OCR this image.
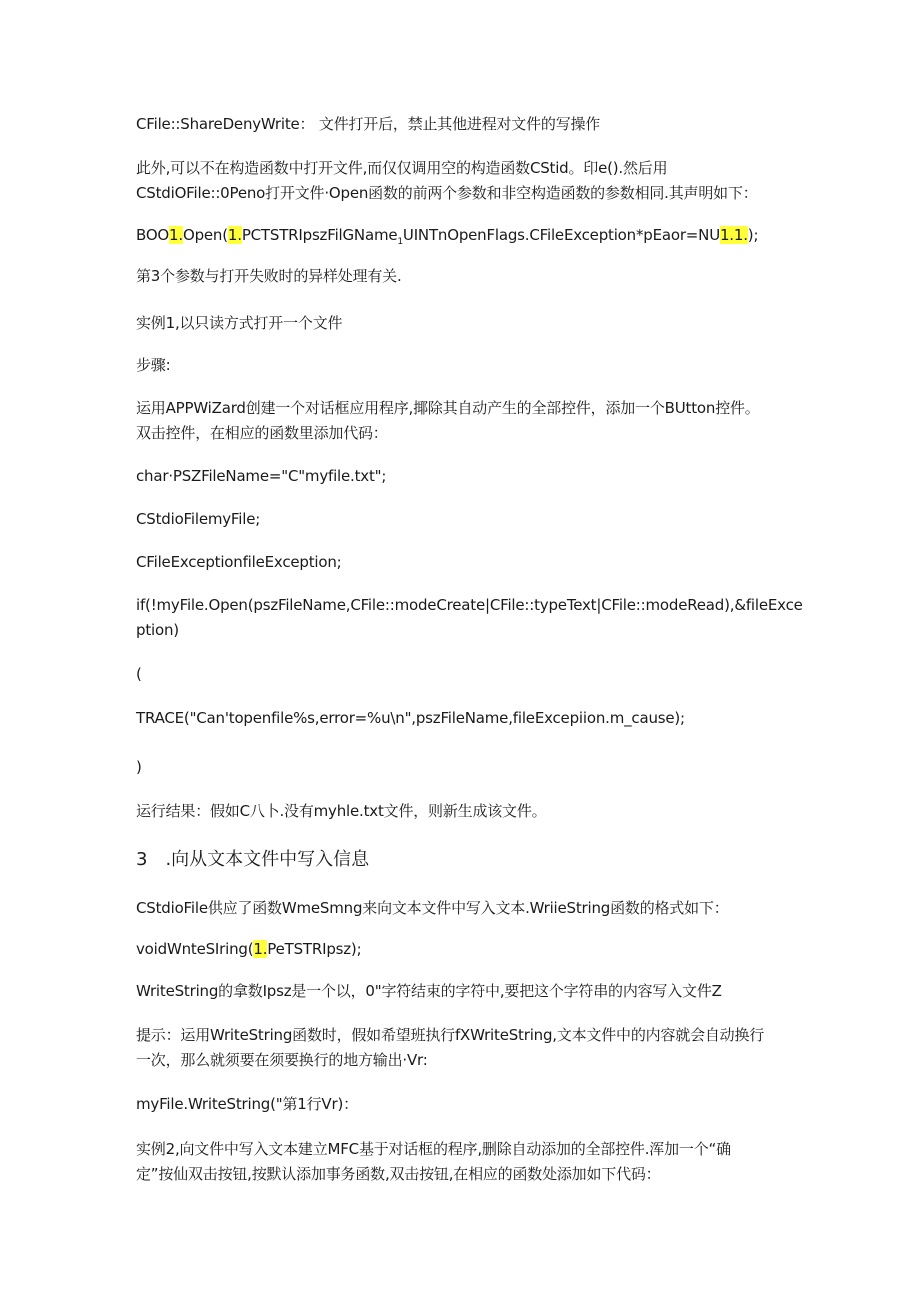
CFile::ShareDenyWrite： 文件打开后，禁止其他进程对文件的写操作
此外,可以不在构造函数中打开文件,而仅仅调用空的构造函数CStid。印e().然后用
CStdiOFile::0Peno打开文件·Open函数的前两个参数和非空构造函数的参数相同.其声明如下：
BOO1.Open(1.PCTSTRIpszFilGName$_1$UINTnOpenFlags.CFileException*pEaor=NU1.1.);
第3个参数与打开失败时的异样处理有关.
实例1,以只读方式打开一个文件
步骤:
运用APPWiZard创建一个对话框应用程序,揶除其自动产生的全部控件，添加一个BUtton控件。
双击控件，在相应的函数里添加代码：
char·PSZFileName="C"myfile.txt";
CStdioFilemyFile;
CFileExceptionfileException;
if(!myFile.Open(pszFileName,CFile::modeCreate|CFile::typeText|CFile::modeRead),&fileExce
ption)
(
TRACE("Can'topenfile%s,error=%u\n",pszFileName,fileExcepiion.m_cause);
)
运行结果：假如C八卜.没有myhle.txt文件，则新生成该文件。
3　.向从文本文件中写入信息
CStdioFile供应了函数WmeSmng来向文本文件中写入文本.WriieString函数的格式如下：
voidWnteSIring(1.PeTSTRIpsz);
WriteString的拿数Ipsz是一个以，0"字符结束的字符中,要把这个字符串的内容写入文件Z
提示：运用WriteString函数时，假如希望班执行fXWriteString,文本文件中的内容就会自动换行
一次，那么就须要在须要换行的地方输出·Vr:
myFile.WriteString("第1行Vr)：
实例2,向文件中写入文本建立MFC基于对话框的程序,删除自动添加的全部控件.浑加一个“确
定”按仙双击按钮,按默认添加事务函数,双击按钮,在相应的函数处添加如下代码：
